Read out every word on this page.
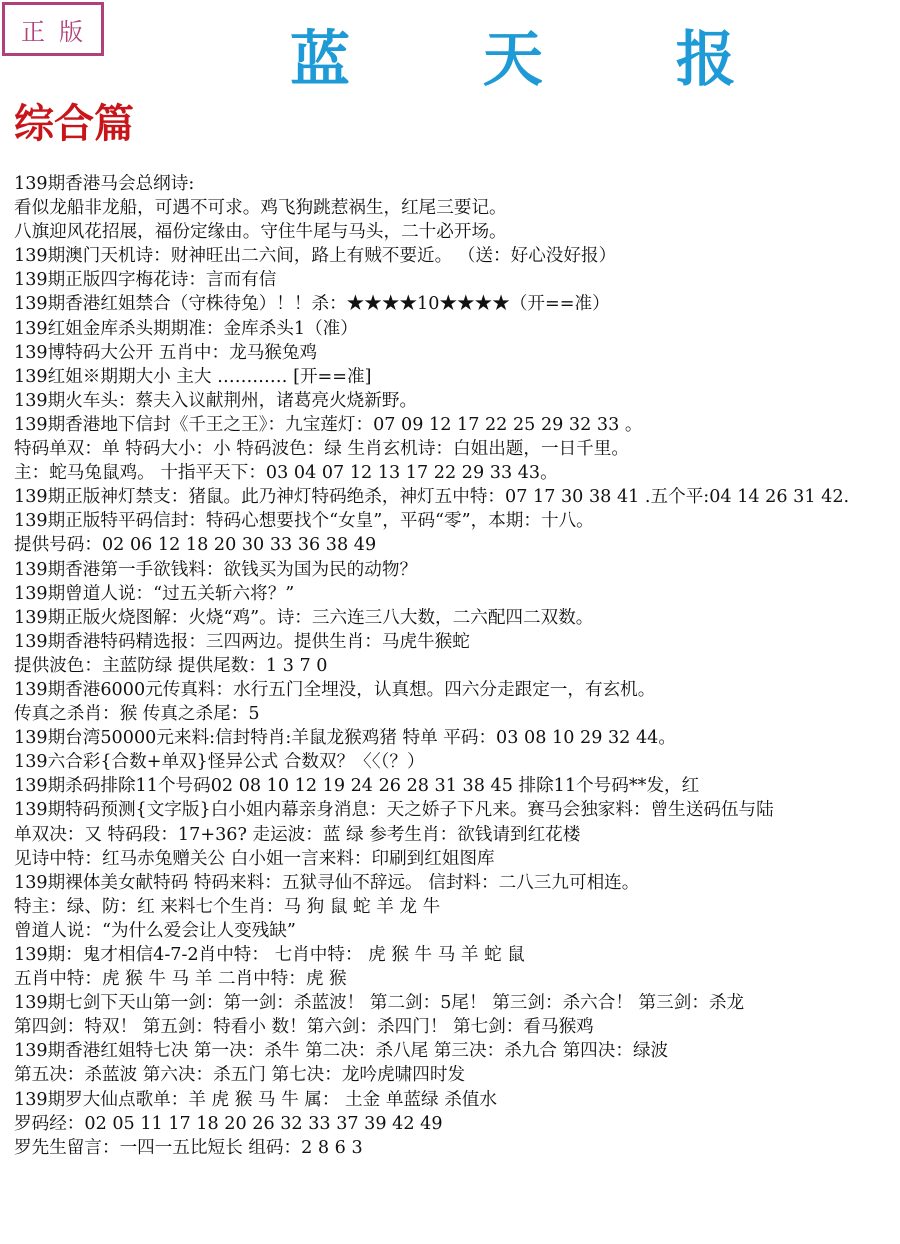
正版	蓝 天 报
综合篇
139期香港马会总纲诗:
看似龙船非龙船，可遇不可求。鸡飞狗跳惹祸生，红尾三要记。
八旗迎风花招展，福份定缘由。守住牛尾与马头，二十必开场。
139期澳门天机诗：财神旺出二六间，路上有贼不要近。 （送：好心没好报）
139期正版四字梅花诗：言而有信
139期香港红姐禁合（守株待兔）！！杀：★★★★10★★★★（开==准）
139红姐金库杀头期期准：金库杀头1（准）
139博特码大公开 五肖中：龙马猴兔鸡
139红姐※期期大小 主大 ………… [开==准]
139期火车头：蔡夫入议献荆州，诸葛亮火烧新野。
139期香港地下信封《千王之王》：九宝莲灯：07 09 12 17 22 25 29 32 33 。
特码单双：单 特码大小：小 特码波色：绿 生肖玄机诗：白姐出题，一日千里。
主：蛇马兔鼠鸡。 十指平天下：03 04 07 12 13 17 22 29 33 43。
139期正版神灯禁支：猪鼠。此乃神灯特码绝杀，神灯五中特：07 17 30 38 41 .五个平:04 14 26 31 42.
139期正版特平码信封：特码心想要找个“女皇”，平码“零”，本期：十八。
提供号码：02 06 12 18 20 30 33 36 38 49
139期香港第一手欲钱料：欲钱买为国为民的动物？
139期曾道人说：“过五关斩六将？”
139期正版火烧图解：火烧“鸡”。诗：三六连三八大数，二六配四二双数。
139期香港特码精选报：三四两边。提供生肖：马虎牛猴蛇
提供波色：主蓝防绿 提供尾数：1 3 7 0
139期香港6000元传真料：水行五门全埋没，认真想。四六分走跟定一，有玄机。
传真之杀肖：猴 传真之杀尾：5
139期台湾50000元来料:信封特肖:羊鼠龙猴鸡猪 特单 平码：03 08 10 29 32 44。
139六合彩{合数+单双}怪异公式 合数双？〈〈（？）
139期杀码排除11个号码02 08 10 12 19 24 26 28 31 38 45 排除11个号码**发，红
139期特码预测{文字版}白小姐内幕亲身消息：天之娇子下凡来。赛马会独家料：曾生送码伍与陆
单双决：又 特码段：17+36? 走运波：蓝 绿 参考生肖：欲钱请到红花楼
见诗中特：红马赤兔赠关公 白小姐一言来料：印刷到红姐图库
139期裸体美女献特码 特码来料：五狱寻仙不辞远。 信封料：二八三九可相连。
特主：绿、防：红 来料七个生肖：马 狗 鼠 蛇 羊 龙 牛
曾道人说：“为什么爱会让人变残缺”
139期：鬼才相信4-7-2肖中特： 七肖中特： 虎 猴 牛 马 羊 蛇 鼠
五肖中特：虎 猴 牛 马 羊 二肖中特：虎 猴
139期七剑下天山第一剑：第一剑：杀蓝波！ 第二剑：5尾！ 第三剑：杀六合！ 第三剑：杀龙
第四剑：特双！ 第五剑：特看小 数！第六剑：杀四门！ 第七剑：看马猴鸡
139期香港红姐特七决 第一决：杀牛 第二决：杀八尾 第三决：杀九合 第四决：绿波
第五决：杀蓝波 第六决：杀五门 第七决：龙吟虎啸四时发
139期罗大仙点歌单：羊 虎 猴 马 牛 属： 土金 单蓝绿 杀值水
罗码经：02 05 11 17 18 20 26 32 33 37 39 42 49
罗先生留言：一四一五比短长 组码：2 8 6 3
